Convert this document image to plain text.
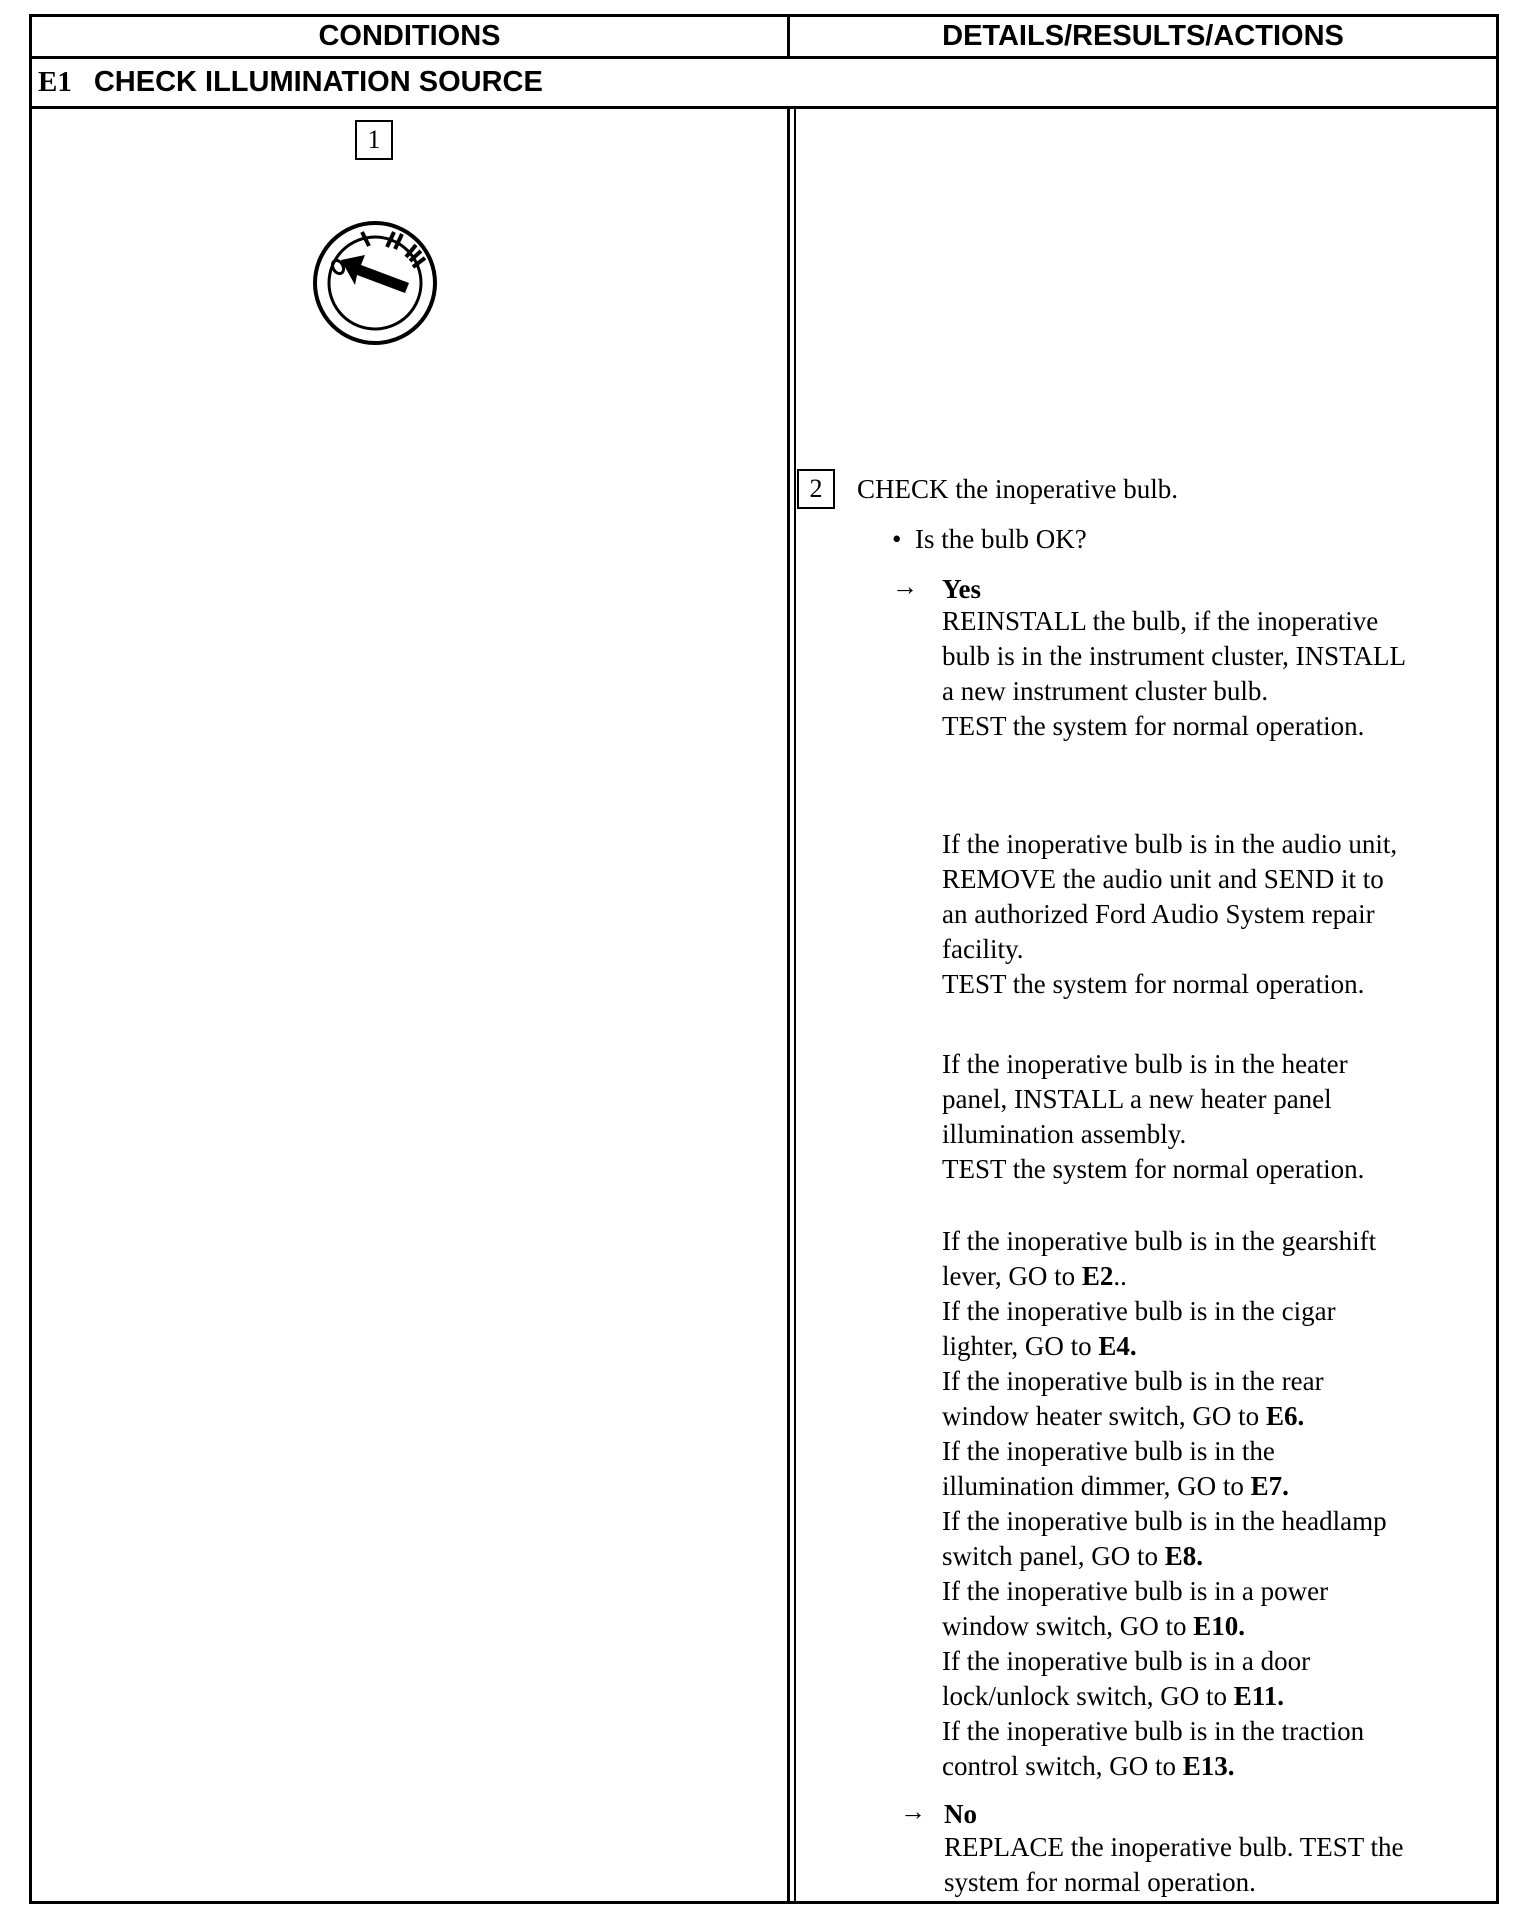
CONDITIONS	DETAILS/RESULTS/ACTIONS
E1 CHECK ILLUMINATION SOURCE
1
2	CHECK the inoperative bulb.
• Is the bulb OK?
→ Yes
REINSTALL the bulb, if the inoperative
bulb is in the instrument cluster, INSTALL
a new instrument cluster bulb.
TEST the system for normal operation.
If the inoperative bulb is in the audio unit,
REMOVE the audio unit and SEND it to
an authorized Ford Audio System repair
facility.
TEST the system for normal operation.
If the inoperative bulb is in the heater
panel, INSTALL a new heater panel
illumination assembly.
TEST the system for normal operation.
If the inoperative bulb is in the gearshift
lever, GO to E2..
If the inoperative bulb is in the cigar
lighter, GO to E4.
If the inoperative bulb is in the rear
window heater switch, GO to E6.
If the inoperative bulb is in the
illumination dimmer, GO to E7.
If the inoperative bulb is in the headlamp
switch panel, GO to E8.
If the inoperative bulb is in a power
window switch, GO to E10.
If the inoperative bulb is in a door
lock/unlock switch, GO to E11.
If the inoperative bulb is in the traction
control switch, GO to E13.
→ No
REPLACE the inoperative bulb. TEST the
system for normal operation.
